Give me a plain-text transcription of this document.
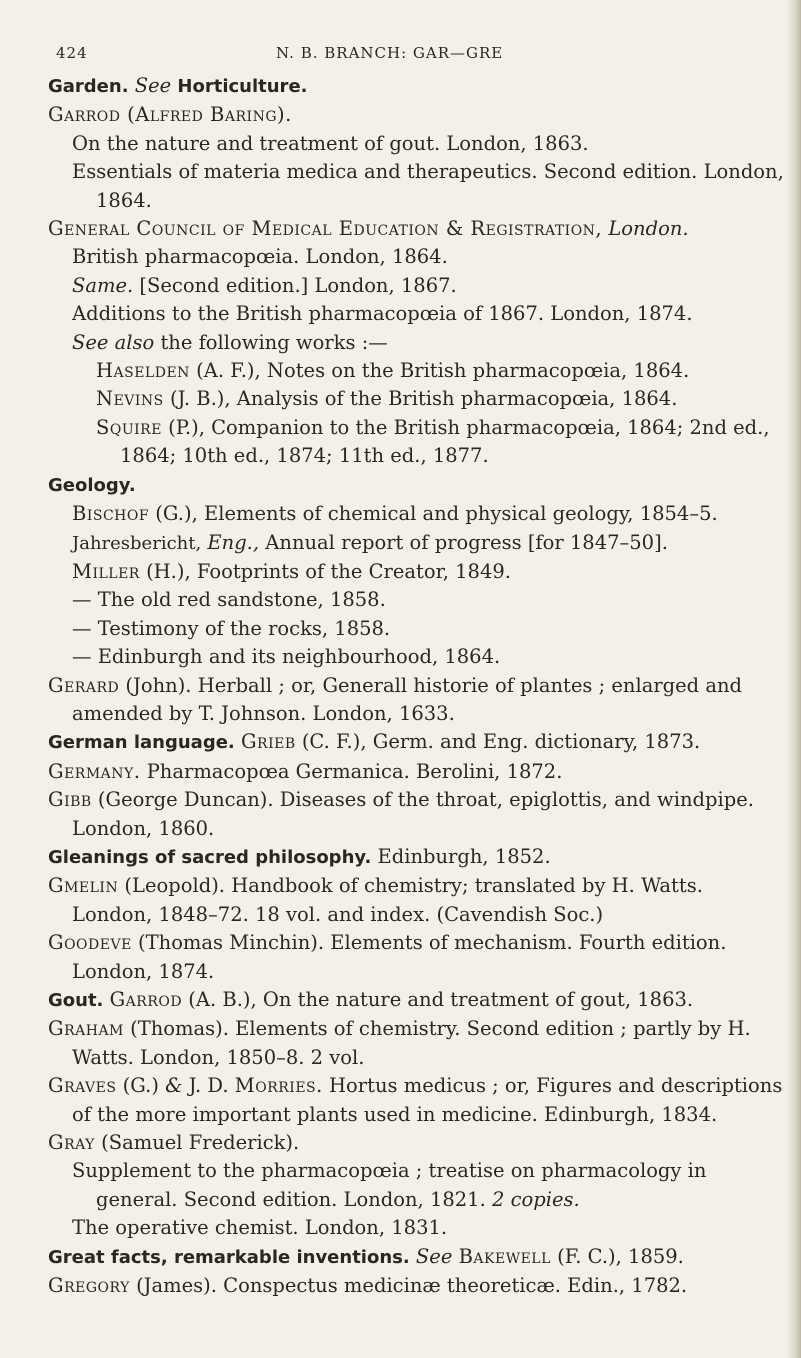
424	N. B. BRANCH: GAR—GRE

Garden. See Horticulture.

Garrod (Alfred Baring).

On the nature and treatment of gout. London, 1863.

Essentials of materia medica and therapeutics. Second edition. London, 1864.

General Council of Medical Education & Registration, London.

British pharmacopœia. London, 1864.

Same. [Second edition.] London, 1867.

Additions to the British pharmacopœia of 1867. London, 1874.

See also the following works :—

Haselden (A. F.), Notes on the British pharmacopœia, 1864.

Nevins (J. B.), Analysis of the British pharmacopœia, 1864.

Squire (P.), Companion to the British pharmacopœia, 1864; 2nd ed., 1864; 10th ed., 1874; 11th ed., 1877.

Geology.

Bischof (G.), Elements of chemical and physical geology, 1854–5.

Jahresbericht, Eng., Annual report of progress [for 1847–50].

Miller (H.), Footprints of the Creator, 1849.

— The old red sandstone, 1858.

— Testimony of the rocks, 1858.

— Edinburgh and its neighbourhood, 1864.

Gerard (John). Herball ; or, Generall historie of plantes ; enlarged and amended by T. Johnson. London, 1633.

German language. Grieb (C. F.), Germ. and Eng. dictionary, 1873.

Germany. Pharmacopœa Germanica. Berolini, 1872.

Gibb (George Duncan). Diseases of the throat, epiglottis, and windpipe. London, 1860.

Gleanings of sacred philosophy. Edinburgh, 1852.

Gmelin (Leopold). Handbook of chemistry; translated by H. Watts. London, 1848–72. 18 vol. and index. (Cavendish Soc.)

Goodeve (Thomas Minchin). Elements of mechanism. Fourth edition. London, 1874.

Gout. Garrod (A. B.), On the nature and treatment of gout, 1863.

Graham (Thomas). Elements of chemistry. Second edition ; partly by H. Watts. London, 1850–8. 2 vol.

Graves (G.) & J. D. Morries. Hortus medicus ; or, Figures and descriptions of the more important plants used in medicine. Edinburgh, 1834.

Gray (Samuel Frederick).

Supplement to the pharmacopœia ; treatise on pharmacology in general. Second edition. London, 1821. 2 copies.

The operative chemist. London, 1831.

Great facts, remarkable inventions. See Bakewell (F. C.), 1859.

Gregory (James). Conspectus medicinæ theoreticæ. Edin., 1782.
